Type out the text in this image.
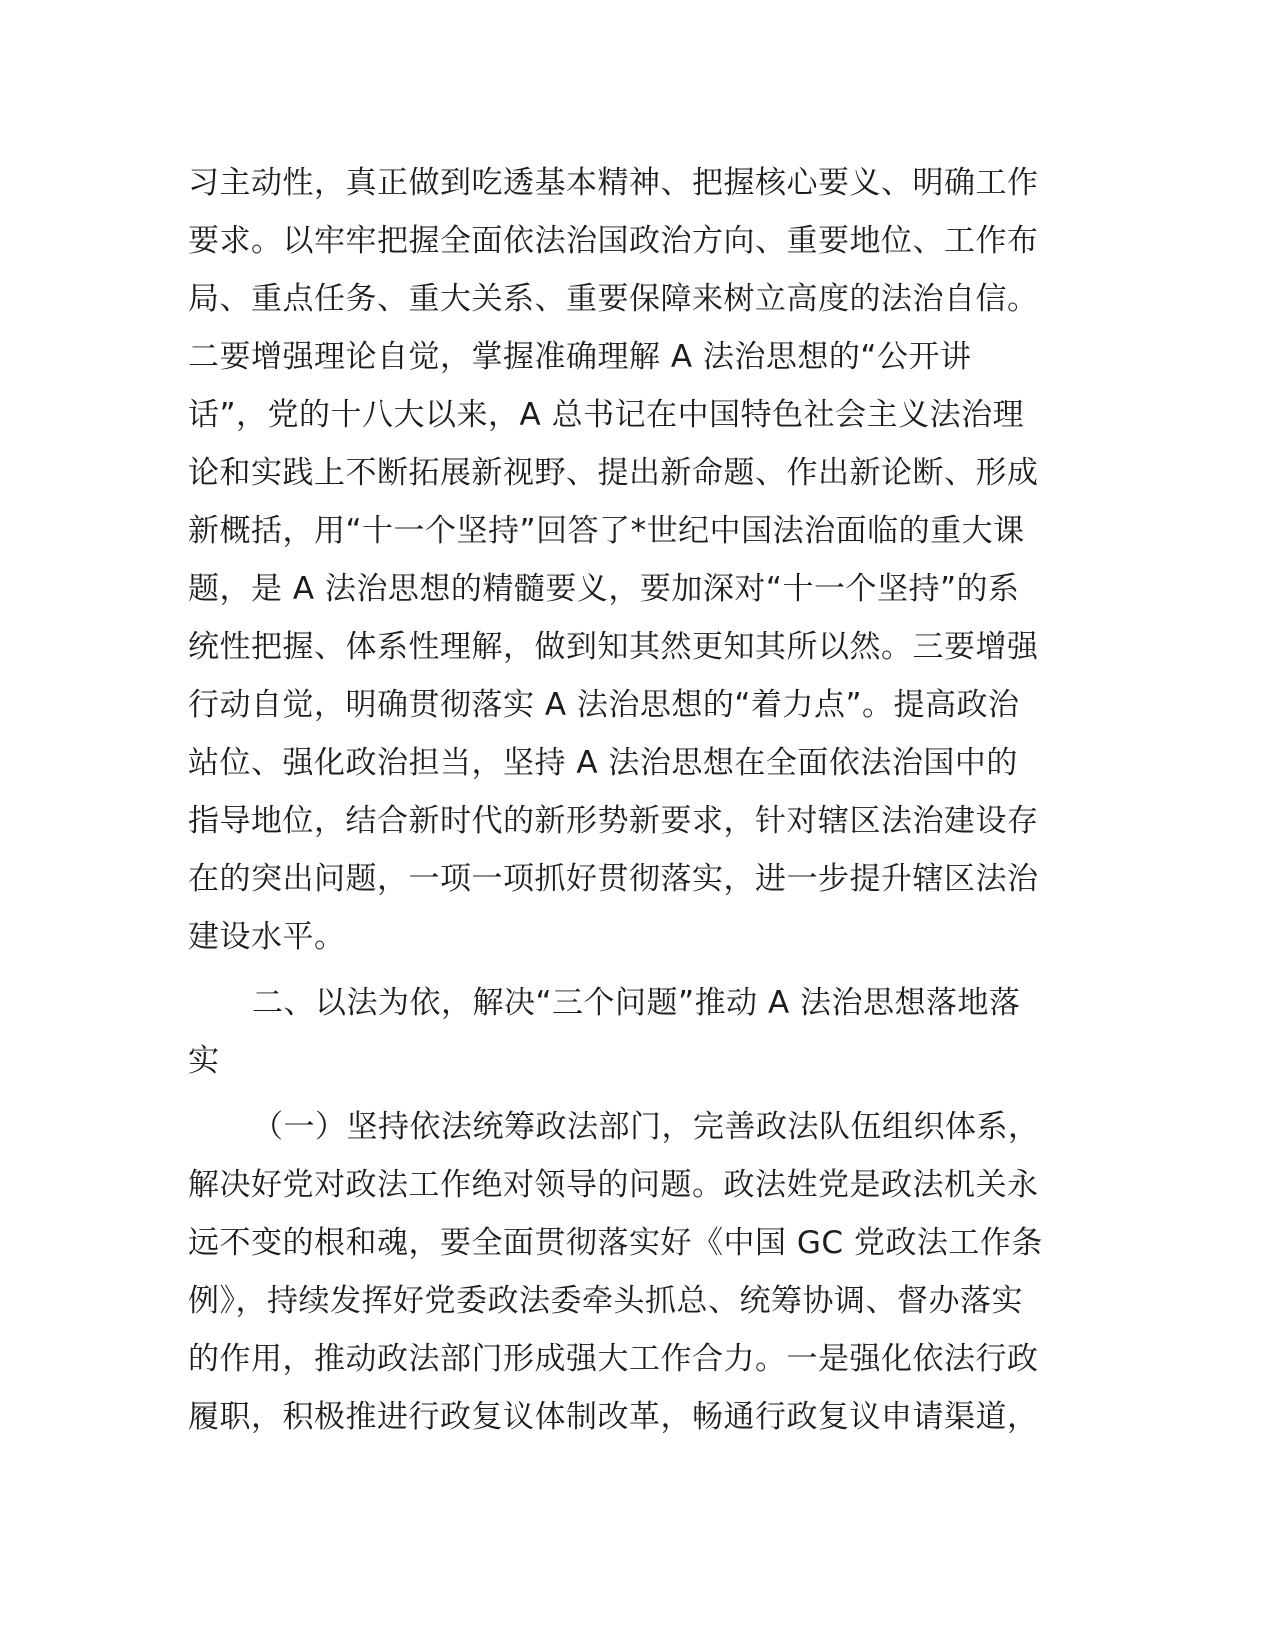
习主动性，真正做到吃透基本精神、把握核心要义、明确工作
要求。以牢牢把握全面依法治国政治方向、重要地位、工作布
局、重点任务、重大关系、重要保障来树立高度的法治自信。
二要增强理论自觉，掌握准确理解 A 法治思想的“公开讲
话”，党的十八大以来，A 总书记在中国特色社会主义法治理
论和实践上不断拓展新视野、提出新命题、作出新论断、形成
新概括，用“十一个坚持”回答了*世纪中国法治面临的重大课
题，是 A 法治思想的精髓要义，要加深对“十一个坚持”的系
统性把握、体系性理解，做到知其然更知其所以然。三要增强
行动自觉，明确贯彻落实 A 法治思想的“着力点”。提高政治
站位、强化政治担当，坚持 A 法治思想在全面依法治国中的
指导地位，结合新时代的新形势新要求，针对辖区法治建设存
在的突出问题，一项一项抓好贯彻落实，进一步提升辖区法治
建设水平。

二、以法为依，解决“三个问题”推动 A 法治思想落地落
实

（一）坚持依法统筹政法部门，完善政法队伍组织体系，
解决好党对政法工作绝对领导的问题。政法姓党是政法机关永
远不变的根和魂，要全面贯彻落实好《中国 GC 党政法工作条
例》，持续发挥好党委政法委牵头抓总、统筹协调、督办落实
的作用，推动政法部门形成强大工作合力。一是强化依法行政
履职，积极推进行政复议体制改革，畅通行政复议申请渠道，
